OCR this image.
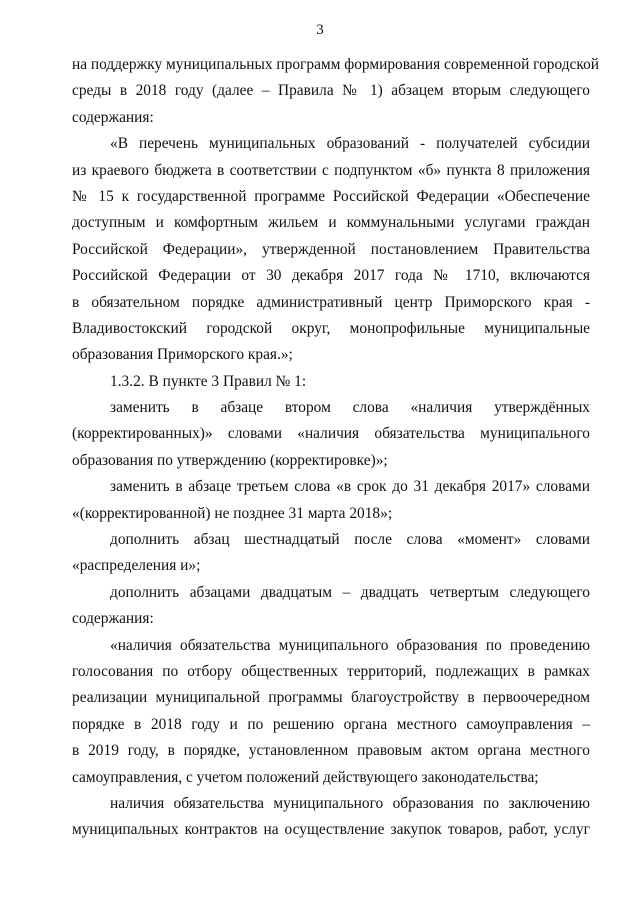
3
на поддержку муниципальных программ формирования современной городской
среды в 2018 году (далее – Правила № 1) абзацем вторым следующего
содержания:
«В перечень муниципальных образований - получателей субсидии
из краевого бюджета в соответствии с подпунктом «б» пункта 8 приложения
№ 15 к государственной программе Российской Федерации «Обеспечение
доступным и комфортным жильем и коммунальными услугами граждан
Российской Федерации», утвержденной постановлением Правительства
Российской Федерации от 30 декабря 2017 года № 1710, включаются
в обязательном порядке административный центр Приморского края -
Владивостокский городской округ, монопрофильные муниципальные
образования Приморского края.»;
1.3.2. В пункте 3 Правил № 1:
заменить в абзаце втором слова «наличия утверждённых
(корректированных)» словами «наличия обязательства муниципального
образования по утверждению (корректировке)»;
заменить в абзаце третьем слова «в срок до 31 декабря 2017» словами
«(корректированной) не позднее 31 марта 2018»;
дополнить абзац шестнадцатый после слова «момент» словами
«распределения и»;
дополнить абзацами двадцатым – двадцать четвертым следующего
содержания:
«наличия обязательства муниципального образования по проведению
голосования по отбору общественных территорий, подлежащих в рамках
реализации муниципальной программы благоустройству в первоочередном
порядке в 2018 году и по решению органа местного самоуправления –
в 2019 году, в порядке, установленном правовым актом органа местного
самоуправления, с учетом положений действующего законодательства;
наличия обязательства муниципального образования по заключению
муниципальных контрактов на осуществление закупок товаров, работ, услуг
